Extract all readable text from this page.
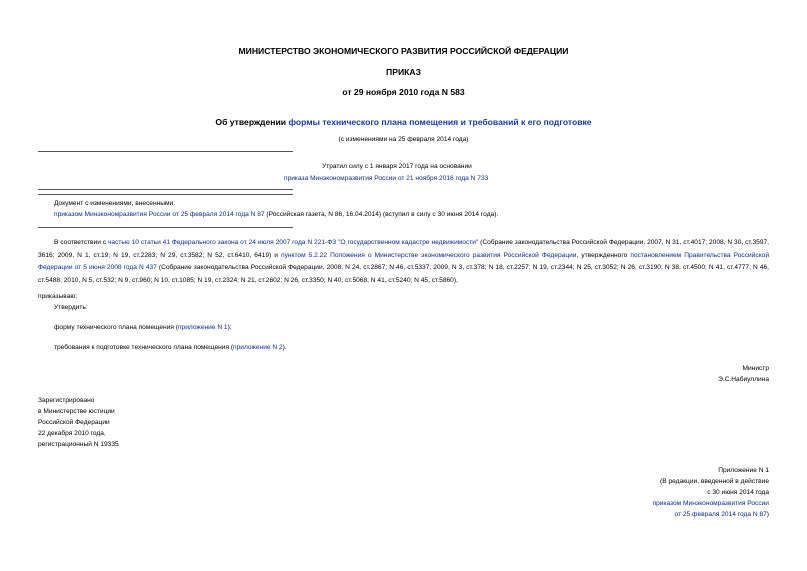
МИНИСТЕРСТВО ЭКОНОМИЧЕСКОГО РАЗВИТИЯ РОССИЙСКОЙ ФЕДЕРАЦИИ
ПРИКАЗ
от 29 ноября 2010 года N 583
Об утверждении формы технического плана помещения и требований к его подготовке
(с изменениями на 25 февраля 2014 года)
Утратил силу с 1 января 2017 года на основании
приказа Минэкономразвития России от 21 ноября 2016 года N 733
Документ с изменениями, внесенными:
приказом Минэкономразвития России от 25 февраля 2014 года N 87 (Российская газета, N 86, 16.04.2014) (вступил в силу с 30 июня 2014 года).
В соответствии с частью 10 статьи 41 Федерального закона от 24 июля 2007 года N 221-ФЗ "О государственном кадастре недвижимости" (Собрание законодательства Российской Федерации, 2007, N 31, ст.4017; 2008, N 30, ст.3597, 3616; 2009, N 1, ст.19; N 19, ст.2283; N 29, ст.3582; N 52, ст.6410, 6419) и пунктом 5.2.22 Положения о Министерстве экономического развития Российской Федерации, утвержденного постановлением Правительства Российской Федерации от 5 июня 2008 года N 437 (Собрание законодательства Российской Федерации, 2008, N 24, ст.2867; N 46, ст.5337; 2009, N 3, ст.378; N 18, ст.2257; N 19, ст.2344; N 25, ст.3052; N 26, ст.3190; N 38, ст.4500; N 41, ст.4777; N 46, ст.5488; 2010, N 5, ст.532; N 9, ст.960; N 10, ст.1085; N 19, ст.2324; N 21, ст.2602; N 26, ст.3350; N 40, ст.5068; N 41, ст.5240; N 45, ст.5860),
приказываю:
Утвердить:
форму технического плана помещения (приложение N 1);
требования к подготовке технического плана помещения (приложение N 2).
Министр
Э.С.Набиуллина
Зарегистрировано
в Министерстве юстиции
Российской Федерации
22 декабря 2010 года,
регистрационный N 19335
Приложение N 1
(В редакции, введенной в действие
с 30 июня 2014 года
приказом Минэкономразвития России
от 25 февраля 2014 года N 87)
